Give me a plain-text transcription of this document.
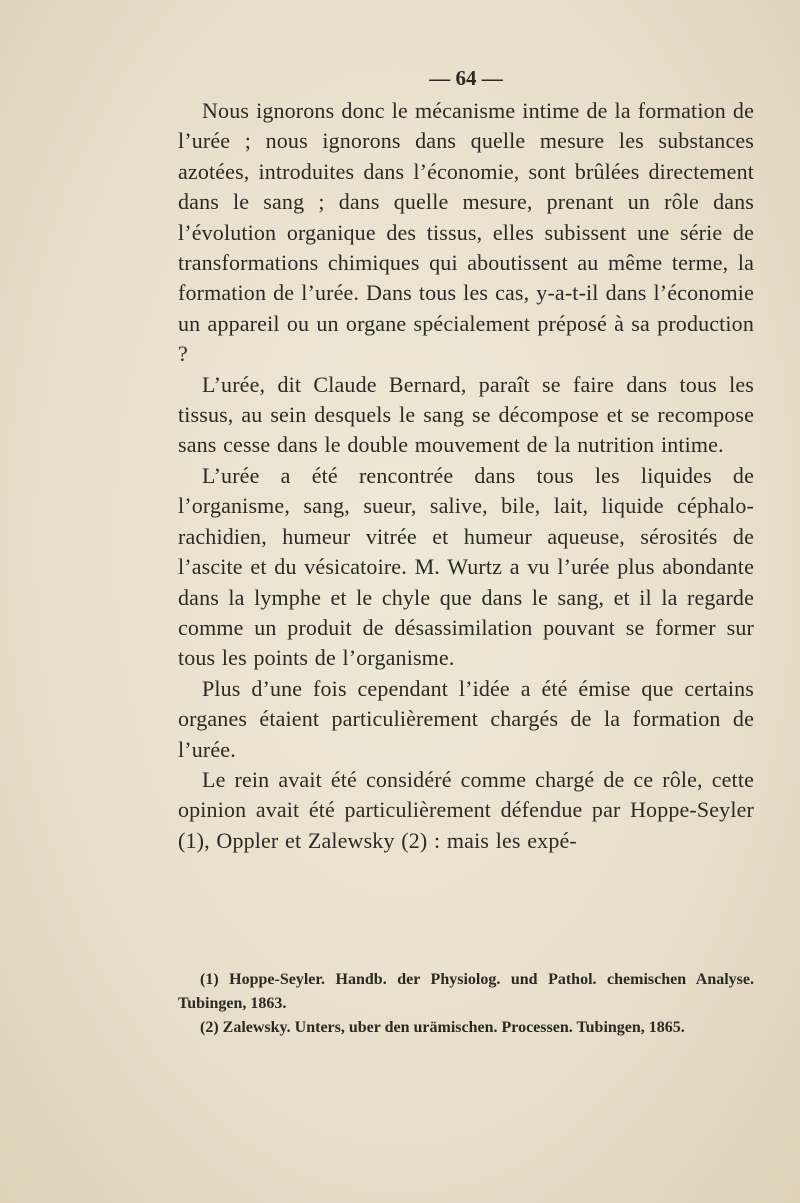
— 64 —

Nous ignorons donc le mécanisme intime de la formation de l’urée ; nous ignorons dans quelle mesure les substances azotées, introduites dans l’économie, sont brûlées directement dans le sang ; dans quelle mesure, prenant un rôle dans l’évolution organique des tissus, elles subissent une série de transformations chimiques qui aboutissent au même terme, la formation de l’urée. Dans tous les cas, y-a-t-il dans l’économie un appareil ou un organe spécialement préposé à sa production ?

L’urée, dit Claude Bernard, paraît se faire dans tous les tissus, au sein desquels le sang se décompose et se recompose sans cesse dans le double mouvement de la nutrition intime.

L’urée a été rencontrée dans tous les liquides de l’organisme, sang, sueur, salive, bile, lait, liquide céphalo-rachidien, humeur vitrée et humeur aqueuse, sérosités de l’ascite et du vésicatoire. M. Wurtz a vu l’urée plus abondante dans la lymphe et le chyle que dans le sang, et il la regarde comme un produit de désassimilation pouvant se former sur tous les points de l’organisme.

Plus d’une fois cependant l’idée a été émise que certains organes étaient particulièrement chargés de la formation de l’urée.

Le rein avait été considéré comme chargé de ce rôle, cette opinion avait été particulièrement défendue par Hoppe-Seyler (1), Oppler et Zalewsky (2) : mais les expé-

(1) Hoppe-Seyler. Handb. der Physiolog. und Pathol. chemischen Analyse. Tubingen, 1863.

(2) Zalewsky. Unters, uber den urämischen. Processen. Tubingen, 1865.
